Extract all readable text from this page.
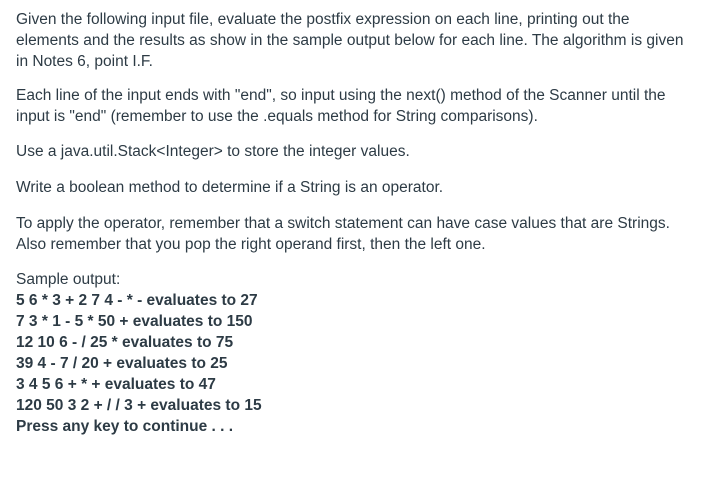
Given the following input file, evaluate the postfix expression on each line, printing out the elements and the results as show in the sample output below for each line. The algorithm is given in Notes 6, point I.F.

Each line of the input ends with "end", so input using the next() method of the Scanner until the input is "end" (remember to use the .equals method for String comparisons).

Use a java.util.Stack<Integer> to store the integer values.

Write a boolean method to determine if a String is an operator.

To apply the operator, remember that a switch statement can have case values that are Strings. Also remember that you pop the right operand first, then the left one.

Sample output:

5 6 * 3 + 2 7 4 - * - evaluates to 27
7 3 * 1 - 5 * 50 + evaluates to 150
12 10 6 - / 25 * evaluates to 75
39 4 - 7 / 20 + evaluates to 25
3 4 5 6 + * + evaluates to 47
120 50 3 2 + / / 3 + evaluates to 15
Press any key to continue . . .
